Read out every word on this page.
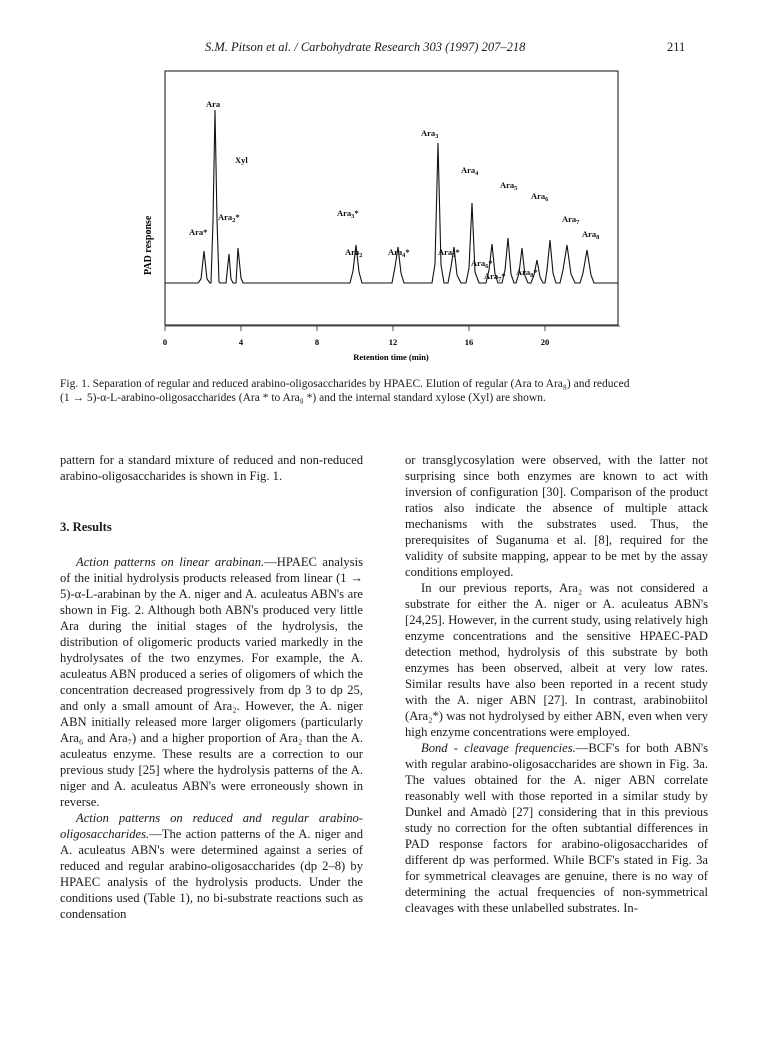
S.M. Pitson et al. / Carbohydrate Research 303 (1997) 207–218	211
PAD response
Ara
Xyl
Ara$_2$*
Ara*
Ara$_3$*
Ara$_2$
Ara$_3$
Ara$_4$*
Ara$_4$
Ara$_5$*
Ara$_5$
Ara$_6$*
Ara$_6$
Ara$_7$* Ara$_8$*
Ara$_7$
Ara$_8$
0	4	8	12	16	20
Retention time (min)
Fig. 1. Separation of regular and reduced arabino-oligosaccharides by HPAEC. Elution of regular (Ara to Ara₈) and reduced
(1 → 5)-α-L-arabino-oligosaccharides (Ara * to Ara₈ *) and the internal standard xylose (Xyl) are shown.

pattern for a standard mixture of reduced and non-reduced arabino-oligosaccharides is shown in Fig. 1.

3. Results

Action patterns on linear arabinan.—HPAEC analysis of the initial hydrolysis products released from linear (1 → 5)-α-L-arabinan by the A. niger and A. aculeatus ABN's are shown in Fig. 2. Although both ABN's produced very little Ara during the initial stages of the hydrolysis, the distribution of oligomeric products varied markedly in the hydrolysates of the two enzymes. For example, the A. aculeatus ABN produced a series of oligomers of which the concentration decreased progressively from dp 3 to dp 25, and only a small amount of Ara₂. However, the A. niger ABN initially released more larger oligomers (particularly Ara₆ and Ara₇) and a higher proportion of Ara₂ than the A. aculeatus enzyme. These results are a correction to our previous study [25] where the hydrolysis patterns of the A. niger and A. aculeatus ABN's were erroneously shown in reverse.

Action patterns on reduced and regular arabino-oligosaccharides.—The action patterns of the A. niger and A. aculeatus ABN's were determined against a series of reduced and regular arabino-oligosaccharides (dp 2–8) by HPAEC analysis of the hydrolysis products. Under the conditions used (Table 1), no bi-substrate reactions such as condensation

or transglycosylation were observed, with the latter not surprising since both enzymes are known to act with inversion of configuration [30]. Comparison of the product ratios also indicate the absence of multiple attack mechanisms with the substrates used. Thus, the prerequisites of Suganuma et al. [8], required for the validity of subsite mapping, appear to be met by the assay conditions employed.

In our previous reports, Ara₂ was not considered a substrate for either the A. niger or A. aculeatus ABN's [24,25]. However, in the current study, using relatively high enzyme concentrations and the sensitive HPAEC-PAD detection method, hydrolysis of this substrate by both enzymes has been observed, albeit at very low rates. Similar results have also been reported in a recent study with the A. niger ABN [27]. In contrast, arabinobiitol (Ara₂*) was not hydrolysed by either ABN, even when very high enzyme concentrations were employed.

Bond - cleavage frequencies.—BCF's for both ABN's with regular arabino-oligosaccharides are shown in Fig. 3a. The values obtained for the A. niger ABN correlate reasonably well with those reported in a similar study by Dunkel and Amadò [27] considering that in this previous study no correction for the often subtantial differences in PAD response factors for arabino-oligosaccharides of different dp was performed. While BCF's stated in Fig. 3a for symmetrical cleavages are genuine, there is no way of determining the actual frequencies of non-symmetrical cleavages with these unlabelled substrates. In-
